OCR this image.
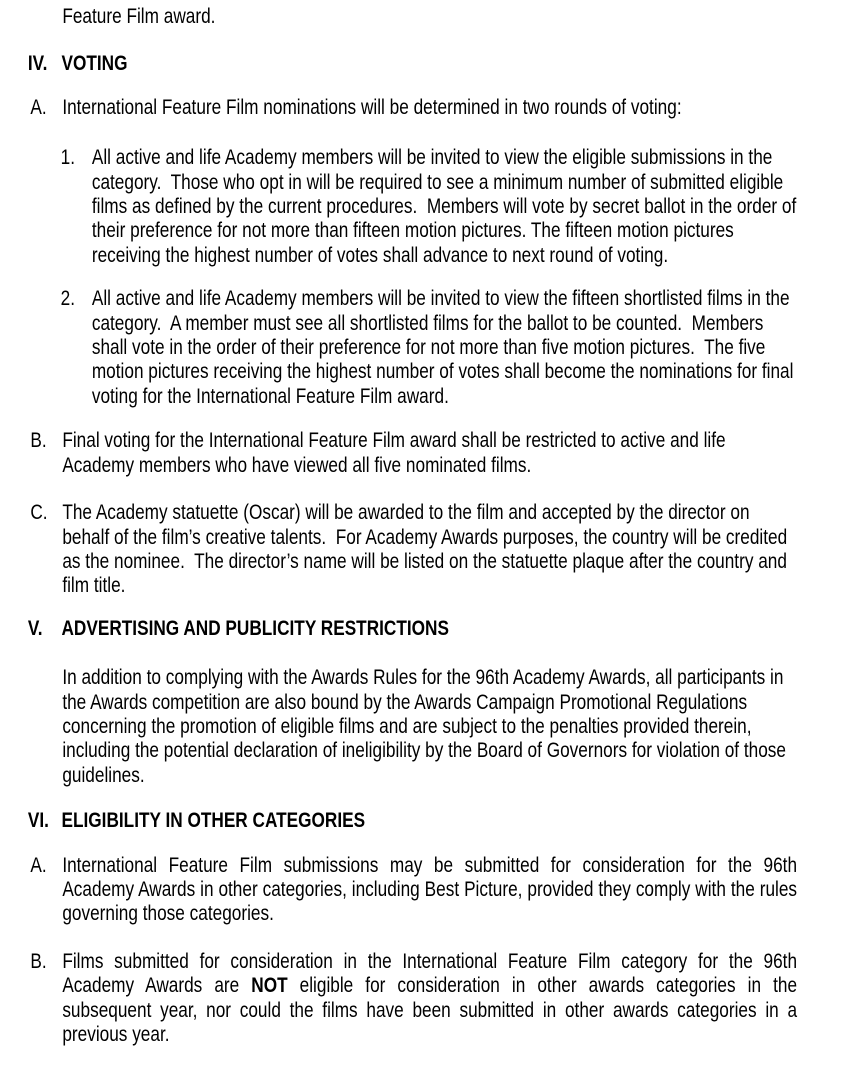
Feature Film award.
IV. VOTING
A. International Feature Film nominations will be determined in two rounds of voting:
1. All active and life Academy members will be invited to view the eligible submissions in the category.  Those who opt in will be required to see a minimum number of submitted eligible films as defined by the current procedures.  Members will vote by secret ballot in the order of their preference for not more than fifteen motion pictures. The fifteen motion pictures receiving the highest number of votes shall advance to next round of voting.
2. All active and life Academy members will be invited to view the fifteen shortlisted films in the category.  A member must see all shortlisted films for the ballot to be counted.  Members shall vote in the order of their preference for not more than five motion pictures.  The five motion pictures receiving the highest number of votes shall become the nominations for final voting for the International Feature Film award.
B. Final voting for the International Feature Film award shall be restricted to active and life Academy members who have viewed all five nominated films.
C. The Academy statuette (Oscar) will be awarded to the film and accepted by the director on behalf of the film’s creative talents.  For Academy Awards purposes, the country will be credited as the nominee.  The director’s name will be listed on the statuette plaque after the country and film title.
V. ADVERTISING AND PUBLICITY RESTRICTIONS
In addition to complying with the Awards Rules for the 96th Academy Awards, all participants in the Awards competition are also bound by the Awards Campaign Promotional Regulations concerning the promotion of eligible films and are subject to the penalties provided therein, including the potential declaration of ineligibility by the Board of Governors for violation of those guidelines.
VI. ELIGIBILITY IN OTHER CATEGORIES
A. International Feature Film submissions may be submitted for consideration for the 96th Academy Awards in other categories, including Best Picture, provided they comply with the rules governing those categories.
B. Films submitted for consideration in the International Feature Film category for the 96th Academy Awards are NOT eligible for consideration in other awards categories in the subsequent year, nor could the films have been submitted in other awards categories in a previous year.
